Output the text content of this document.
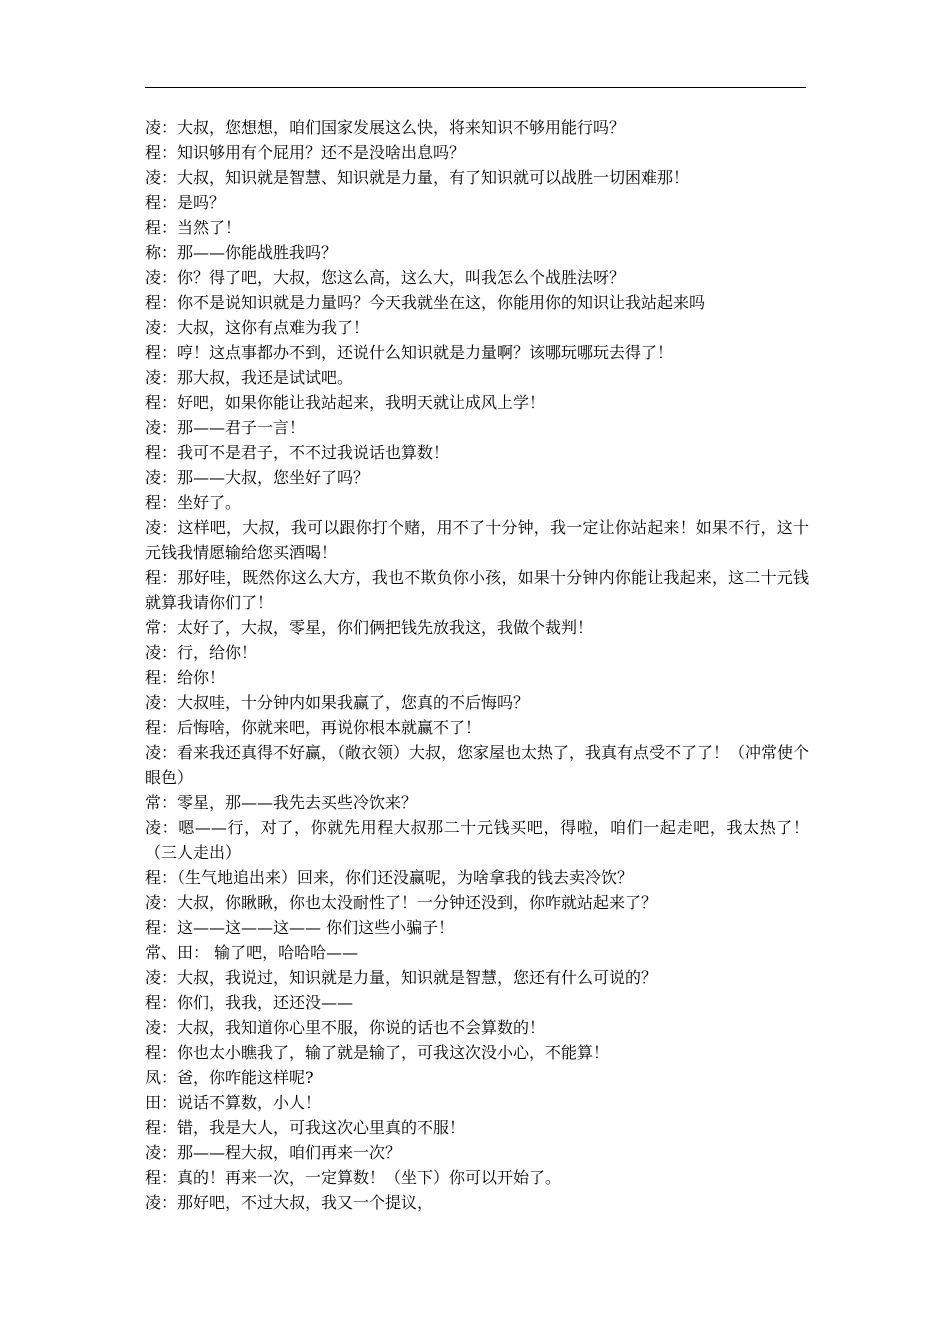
凌：大叔，您想想，咱们国家发展这么快，将来知识不够用能行吗？
程：知识够用有个屁用？还不是没啥出息吗？
凌：大叔，知识就是智慧、知识就是力量，有了知识就可以战胜一切困难那！
程：是吗？
程：当然了！
称：那——你能战胜我吗？
凌：你？得了吧，大叔，您这么高，这么大，叫我怎么个战胜法呀？
程：你不是说知识就是力量吗？今天我就坐在这，你能用你的知识让我站起来吗
凌：大叔，这你有点难为我了！
程：哼！这点事都办不到，还说什么知识就是力量啊？该哪玩哪玩去得了！
凌：那大叔，我还是试试吧。
程：好吧，如果你能让我站起来，我明天就让成风上学！
凌：那——君子一言！
程：我可不是君子，不不过我说话也算数！
凌：那——大叔，您坐好了吗？
程：坐好了。
凌：这样吧，大叔，我可以跟你打个赌，用不了十分钟，我一定让你站起来！如果不行，这十元钱我情愿输给您买酒喝！
程：那好哇，既然你这么大方，我也不欺负你小孩，如果十分钟内你能让我起来，这二十元钱就算我请你们了！
常：太好了，大叔，零星，你们俩把钱先放我这，我做个裁判！
凌：行，给你！
程：给你！
凌：大叔哇，十分钟内如果我赢了，您真的不后悔吗？
程：后悔啥，你就来吧，再说你根本就赢不了！
凌：看来我还真得不好赢，（敞衣领）大叔，您家屋也太热了，我真有点受不了了！（冲常使个眼色）
常：零星，那——我先去买些冷饮来？
凌：嗯——行，对了，你就先用程大叔那二十元钱买吧，得啦，咱们一起走吧，我太热了！（三人走出）
程：（生气地追出来）回来，你们还没赢呢，为啥拿我的钱去卖冷饮？
凌：大叔，你瞅瞅，你也太没耐性了！一分钟还没到，你咋就站起来了？
程：这——这——这—— 你们这些小骗子！
常、田： 输了吧，哈哈哈——
凌：大叔，我说过，知识就是力量，知识就是智慧，您还有什么可说的？
程：你们，我我，还还没——
凌：大叔，我知道你心里不服，你说的话也不会算数的！
程：你也太小瞧我了，输了就是输了，可我这次没小心，不能算！
凤：爸，你咋能这样呢?
田：说话不算数，小人！
程：错，我是大人，可我这次心里真的不服！
凌：那——程大叔，咱们再来一次？
程：真的！再来一次，一定算数！（坐下）你可以开始了。
凌：那好吧，不过大叔，我又一个提议，
